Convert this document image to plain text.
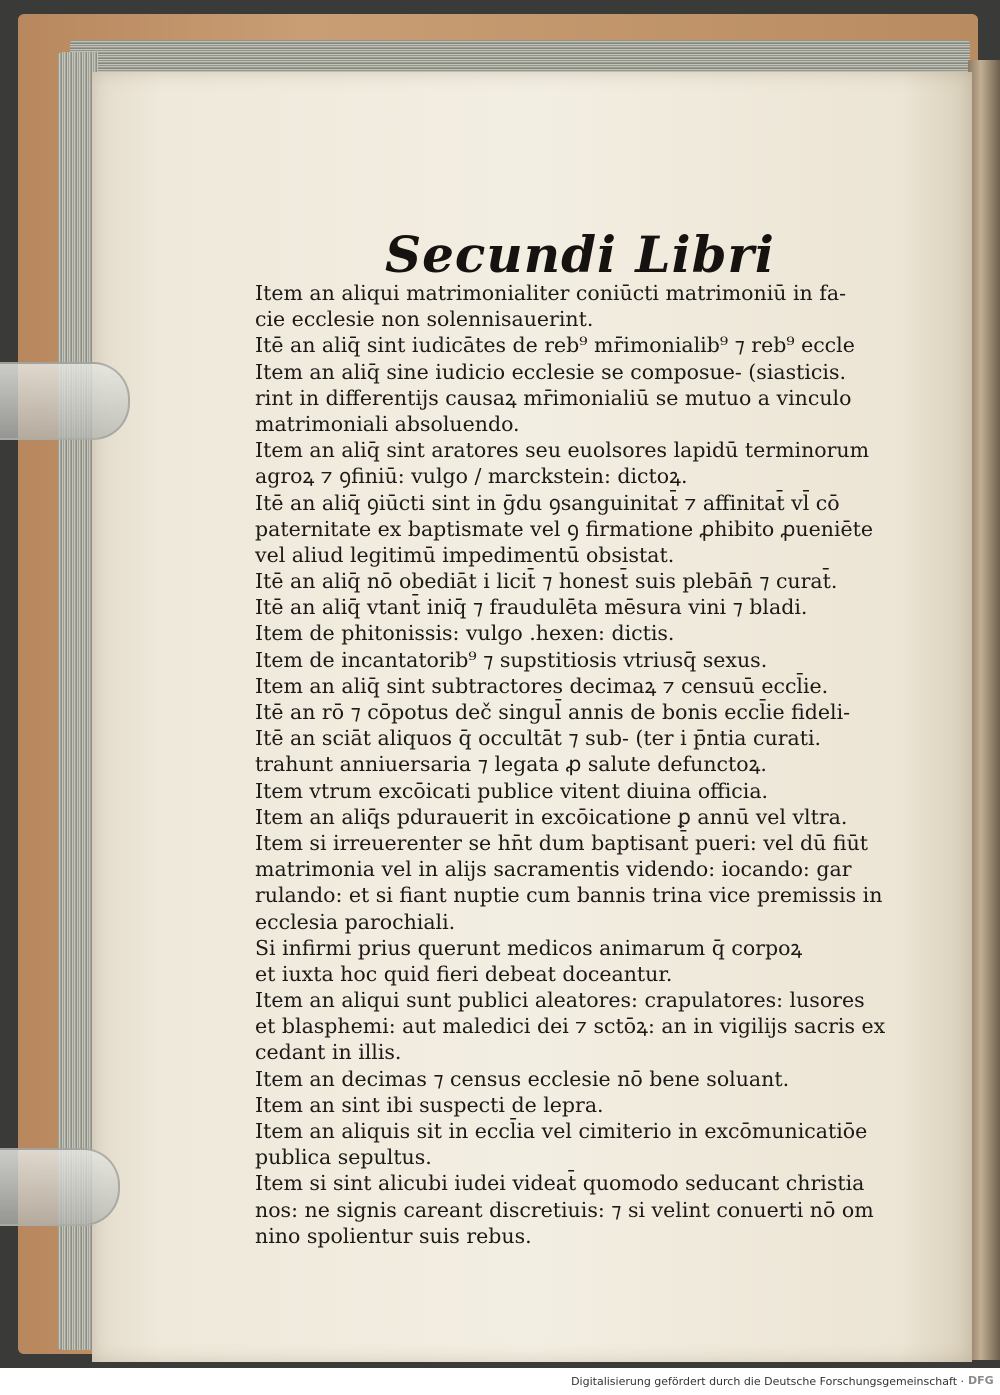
Secundi Libri
Item an aliqui matrimonialiter coniūcti matrimoniū in fa-
cie ecclesie non solennisauerint.
Itē an aliq̄ sint iudicātes de reb⁹ mr̄imonialib⁹ ⁊ reb⁹ eccle
Item an aliq̄ sine iudicio ecclesie se composue- (siasticis.
rint in differentijs causaꝝ mr̄imonialiū se mutuo a vinculo
matrimoniali absoluendo.
Item an aliq̄ sint aratores seu euolsores lapidū terminorum
agroꝝ ⁊ ꝯfiniū: vulgo / marckstein: dictoꝝ.
Itē an aliq̄ ꝯiūcti sint in ḡdu ꝯsanguinitat̄ ⁊ affinitat̄ vl̄ cō
paternitate ex baptismate vel ꝯ firmatione ꝓhibito ꝓueniēte
vel aliud legitimū impedimentū obsistat.
Itē an aliq̄ nō obediāt i licit̄ ⁊ honest̄ suis plebān̄ ⁊ curat̄.
Itē an aliq̄ vtant̄ iniq̄ ⁊ fraudulēta mēsura vini ⁊ bladi.
Item de phitonissis: vulgo .hexen: dictis.
Item de incantatorib⁹ ⁊ supstitiosis vtriusq̄ sexus.
Item an aliq̄ sint subtractores decimaꝝ ⁊ censuū eccl̄ie.
Itē an rō ⁊ cōpotus deč singul̄ annis de bonis eccl̄ie fideli-
Itē an sciāt aliquos q̄ occultāt ⁊ sub- (ter i p̄ntia curati.
trahunt anniuersaria ⁊ legata ꝓ salute defunctoꝝ.
Item vtrum excōicati publice vitent diuina officia.
Item an aliq̄s pdurauerit in excōicatione ꝑ annū vel vltra.
Item si irreuerenter se hn̄t dum baptisant̄ pueri: vel dū fiūt
matrimonia vel in alijs sacramentis videndo: iocando: gar
rulando: et si fiant nuptie cum bannis trina vice premissis in
ecclesia parochiali.
Si infirmi prius querunt medicos animarum q̄ corpoꝝ
et iuxta hoc quid fieri debeat doceantur.
Item an aliqui sunt publici aleatores: crapulatores: lusores
et blasphemi: aut maledici dei ⁊ sctōꝝ: an in vigilijs sacris ex
cedant in illis.
Item an decimas ⁊ census ecclesie nō bene soluant.
Item an sint ibi suspecti de lepra.
Item an aliquis sit in eccl̄ia vel cimiterio in excōmunicatiōe
publica sepultus.
Item si sint alicubi iudei videat̄ quomodo seducant christia
nos: ne signis careant discretiuis: ⁊ si velint conuerti nō om
nino spolientur suis rebus.
Digitalisierung gefördert durch die Deutsche Forschungsgemeinschaft · DFG
